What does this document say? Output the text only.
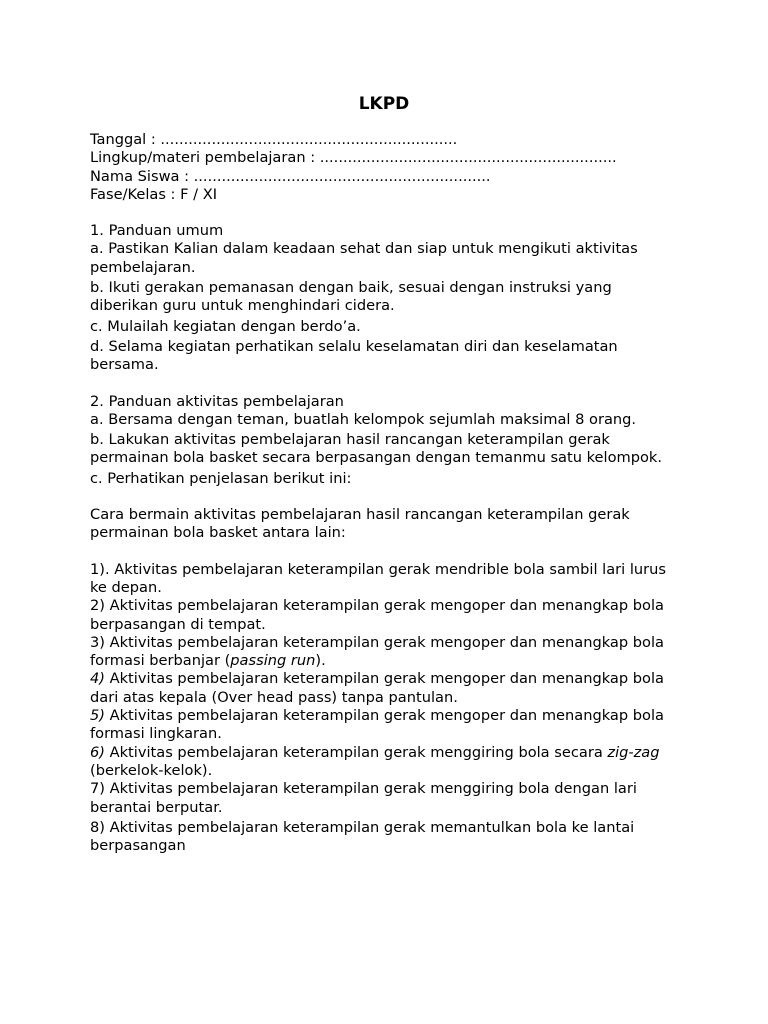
LKPD

Tanggal : ................................................................

Lingkup/materi pembelajaran : ................................................................

Nama Siswa : ................................................................

Fase/Kelas : F / XI

1. Panduan umum

a. Pastikan Kalian dalam keadaan sehat dan siap untuk mengikuti aktivitas pembelajaran.

b. Ikuti gerakan pemanasan dengan baik, sesuai dengan instruksi yang diberikan guru untuk menghindari cidera.

c. Mulailah kegiatan dengan berdo’a.

d. Selama kegiatan perhatikan selalu keselamatan diri dan keselamatan bersama.

2. Panduan aktivitas pembelajaran

a. Bersama dengan teman, buatlah kelompok sejumlah maksimal 8 orang.

b. Lakukan aktivitas pembelajaran hasil rancangan keterampilan gerak permainan bola basket secara berpasangan dengan temanmu satu kelompok.

c. Perhatikan penjelasan berikut ini:

Cara bermain aktivitas pembelajaran hasil rancangan keterampilan gerak permainan bola basket antara lain:

1). Aktivitas pembelajaran keterampilan gerak mendrible bola sambil lari lurus ke depan.

2) Aktivitas pembelajaran keterampilan gerak mengoper dan menangkap bola berpasangan di tempat.

3) Aktivitas pembelajaran keterampilan gerak mengoper dan menangkap bola formasi berbanjar (passing run).

4) Aktivitas pembelajaran keterampilan gerak mengoper dan menangkap bola dari atas kepala (Over head pass) tanpa pantulan.

5) Aktivitas pembelajaran keterampilan gerak mengoper dan menangkap bola formasi lingkaran.

6) Aktivitas pembelajaran keterampilan gerak menggiring bola secara zig-zag
(berkelok-kelok).

7) Aktivitas pembelajaran keterampilan gerak menggiring bola dengan lari berantai berputar.

8) Aktivitas pembelajaran keterampilan gerak memantulkan bola ke lantai berpasangan
